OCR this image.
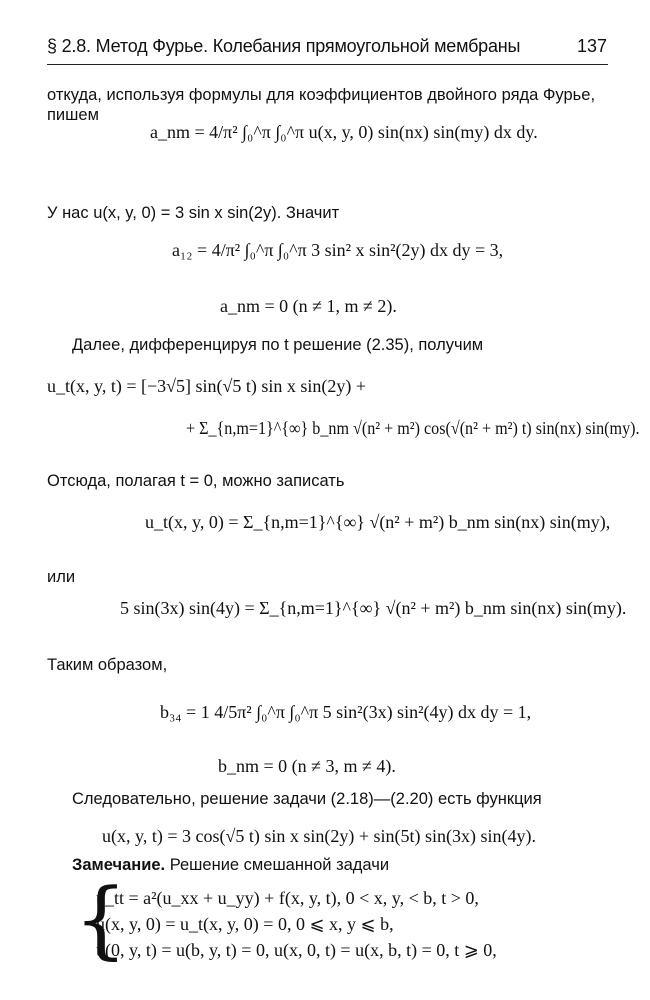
§ 2.8. Метод Фурье. Колебания прямоугольной мембраны	137
откуда, используя формулы для коэффициентов двойного ряда Фурье,
пишем
a_nm = 4/π² ∫₀^π ∫₀^π u(x, y, 0) sin(nx) sin(my) dx dy.
У нас u(x, y, 0) = 3 sin x sin(2y). Значит
a₁₂ = 4/π² ∫₀^π ∫₀^π 3 sin² x sin²(2y) dx dy = 3,
a_nm = 0 (n ≠ 1, m ≠ 2).
Далее, дифференцируя по t решение (2.35), получим
u_t(x, y, t) = [−3√5] sin(√5 t) sin x sin(2y) +
+ Σ_{n,m=1}^{∞} b_nm √(n² + m²) cos(√(n² + m²) t) sin(nx) sin(my).
Отсюда, полагая t = 0, можно записать
u_t(x, y, 0) = Σ_{n,m=1}^{∞} √(n² + m²) b_nm sin(nx) sin(my),
или
5 sin(3x) sin(4y) = Σ_{n,m=1}^{∞} √(n² + m²) b_nm sin(nx) sin(my).
Таким образом,
b₃₄ = 1 4/5π² ∫₀^π ∫₀^π 5 sin²(3x) sin²(4y) dx dy = 1,
b_nm = 0 (n ≠ 3, m ≠ 4).
Следовательно, решение задачи (2.18)—(2.20) есть функция
u(x, y, t) = 3 cos(√5 t) sin x sin(2y) + sin(5t) sin(3x) sin(4y).
Замечание. Решение смешанной задачи
{
u_tt = a²(u_xx + u_yy) + f(x, y, t), 0 < x, y, < b, t > 0,
u(x, y, 0) = u_t(x, y, 0) = 0, 0 ⩽ x, y ⩽ b,
u(0, y, t) = u(b, y, t) = 0, u(x, 0, t) = u(x, b, t) = 0, t ⩾ 0,
